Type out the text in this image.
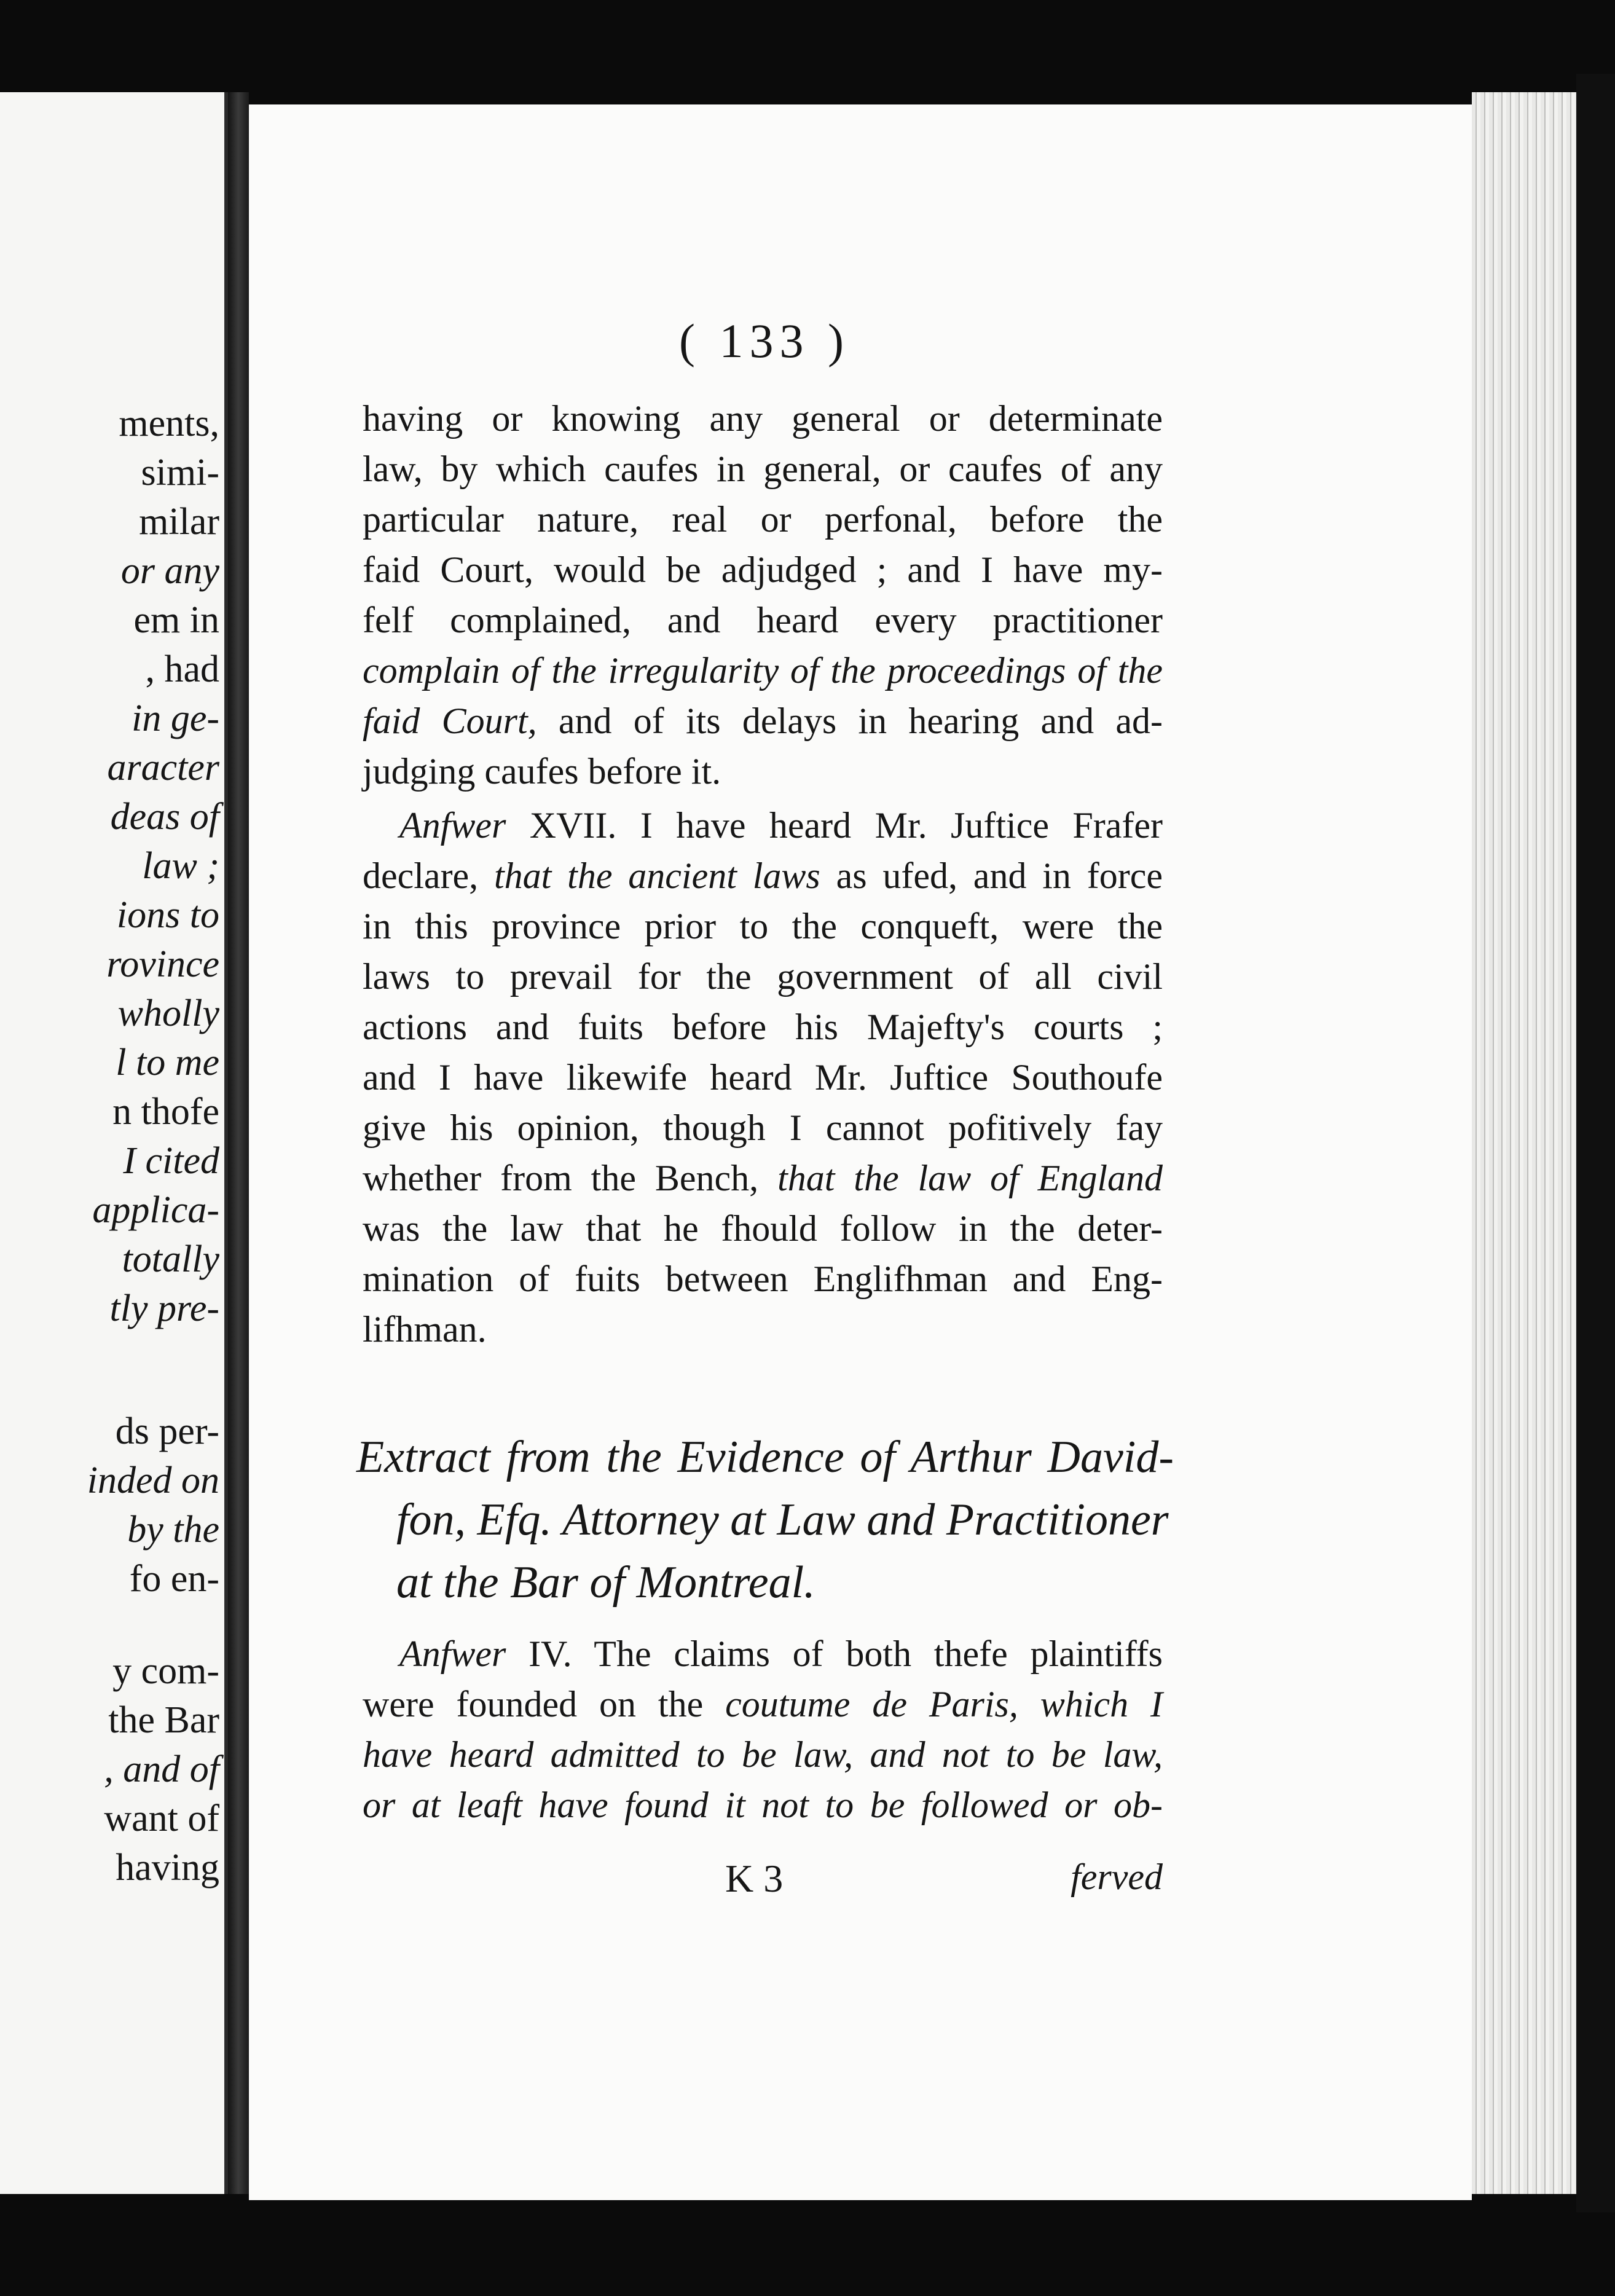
ments,
simi-
milar
or any
em in
, had
in ge-
aracter
deas of
law ;
ions to
rovince
wholly
l to me
n thofe
I cited
applica-
totally
tly pre-
ds per-
inded on
by the
fo en-
y com-
the Bar
, and of
want of
having
( 133 )
having or knowing any general or determinate
law, by which caufes in general, or caufes of any
particular nature, real or perfonal, before the
faid Court, would be adjudged ; and I have my-
felf complained, and heard every practitioner
complain of the irregularity of the proceedings of the
faid Court, and of its delays in hearing and ad-
judging caufes before it.
Anfwer XVII. I have heard Mr. Juftice Frafer
declare, that the ancient laws as ufed, and in force
in this province prior to the conqueft, were the
laws to prevail for the government of all civil
actions and fuits before his Majefty's courts ;
and I have likewife heard Mr. Juftice Southoufe
give his opinion, though I cannot pofitively fay
whether from the Bench, that the law of England
was the law that he fhould follow in the deter-
mination of fuits between Englifhman and Eng-
lifhman.
Extract from the Evidence of Arthur David-
fon, Efq. Attorney at Law and Practitioner
at the Bar of Montreal.
Anfwer IV. The claims of both thefe plaintiffs
were founded on the coutume de Paris, which I
have heard admitted to be law, and not to be law,
or at leaft have found it not to be followed or ob-
K 3	ferved
